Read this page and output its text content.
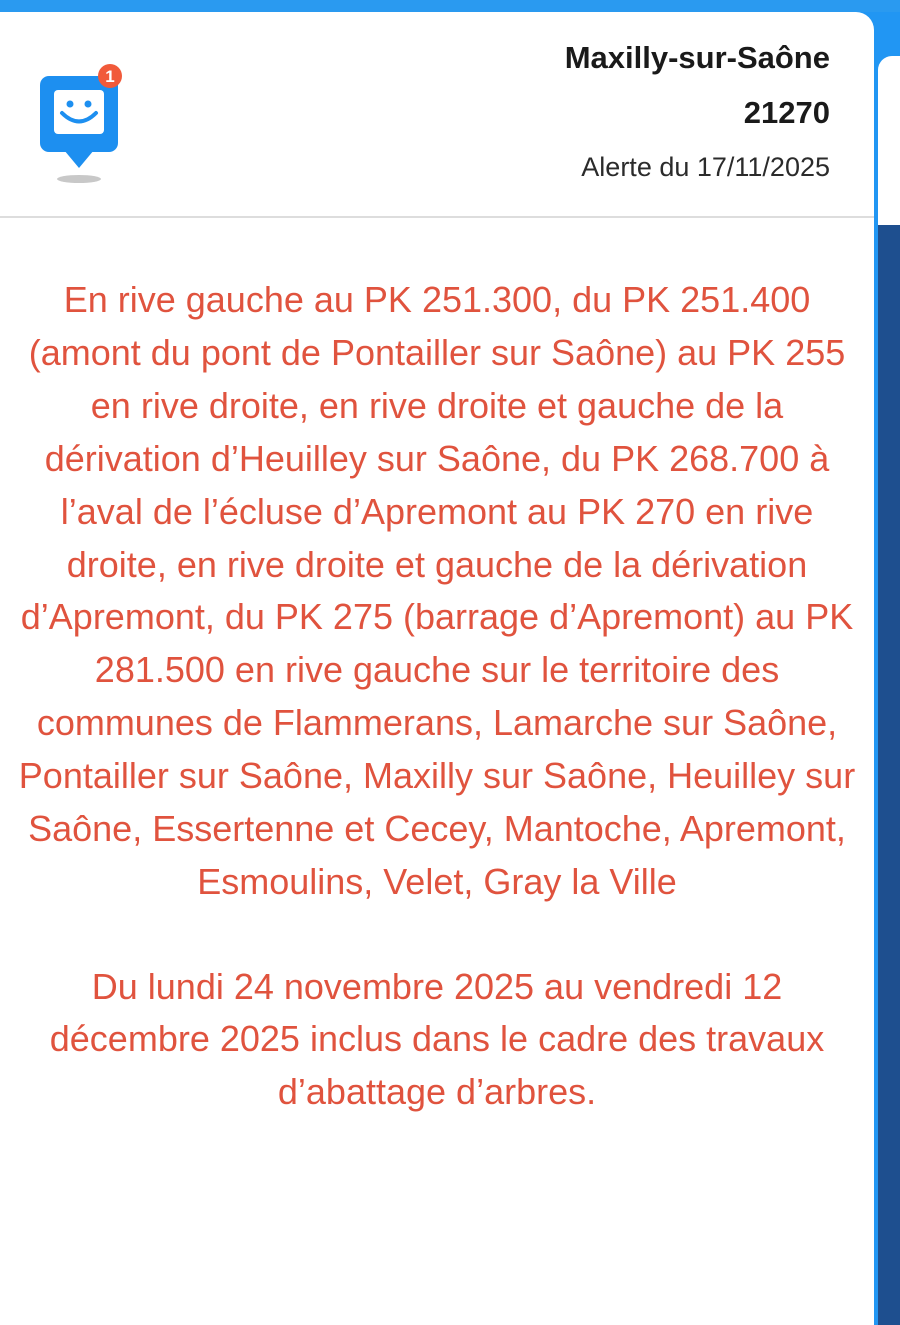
1
Maxilly-sur-Saône
21270
Alerte du 17/11/2025

En rive gauche au PK 251.300, du PK 251.400 (amont du pont de Pontailler sur Saône) au PK 255 en rive droite, en rive droite et gauche de la dérivation d’Heuilley sur Saône, du PK 268.700 à l’aval de l’écluse d’Apremont au PK 270 en rive droite, en rive droite et gauche de la dérivation d’Apremont, du PK 275 (barrage d’Apremont) au PK 281.500 en rive gauche sur le territoire des communes de Flammerans, Lamarche sur Saône, Pontailler sur Saône, Maxilly sur Saône, Heuilley sur Saône, Essertenne et Cecey, Mantoche, Apremont, Esmoulins, Velet, Gray la Ville

Du lundi 24 novembre 2025 au vendredi 12 décembre 2025 inclus dans le cadre des travaux d’abattage d’arbres.
